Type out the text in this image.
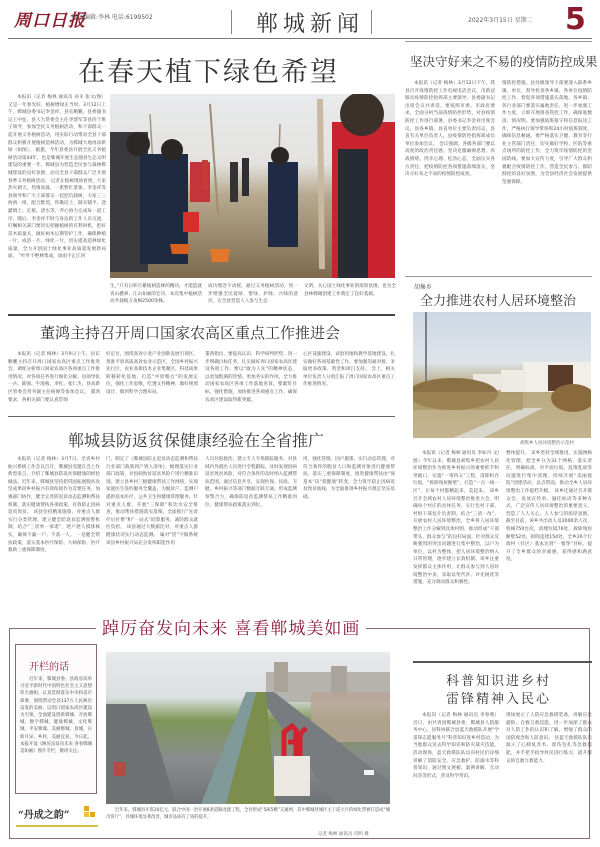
周口日报
国版编辑:李林 电话:6199502	郸城新闻	2022年3月15日 星期二 5
在春天植下绿色希望
本报讯（记者 梅林 通讯员 孙未 张文/图）又是一年春光好，植树增绿正当时。3月12日上午，郸城县委书记李金祥、县长鲍鹏，县委副书记王中征、县人大常委会主任李建军等县四个班子领导，参加全民义务植树活动，和干部群众一起开展义务植树活动，用实际行动带动全县干部群众积极开展植树造林活动，为郸城大地再添新绿（如图）。 据悉，今年县委县开展全民义务植树活动第44年，也是郸城开展生态强县生态文明建设的重要一年。郸城县为营造全民参与森林郸城建设的良好氛围，动员全县干部群众广泛开展春季义务植树活动。 记者在植树现场看到，大家热火朝天，热情高涨，一派繁忙景象。李金祥等县领导和广大干部群众一起挖坑栽树，大家三三两两一组，配合默契，铁锹培土、踩实铺平、浇灌填土、定植、浇水等，齐心协力完成每一道工序。随后，李金祥不时与身边的工作人员交流，叮嘱相关部门要切实把握植树的有利时机，把好苗木质量关，做好树木后期管护工作，确保种植一片、成活一片、绿化一片，切实提高造林绿化质量，全力开创国土绿化事业高质量发展新局面。 “叶叶不绝林集成，雨雨不止江河
生。”只有日积月累植树造林的精功，才能造就青山叠翠、江山如画的宏功。本次集中植树活动共栽植五角枫2500余株。
成功理念不动摇，通过义务植树活动，进一步增强全民爱绿、惜绿、护绿、兴绿的意识，在全县营造人人参与生态
文明，关心国土绿化事业的浓厚氛围，也为全县林郸城创建工作奠定了良好基础。
坚决守好来之不易的疫情防控成果
本报讯（记者 梅林）3月12日下午，我县召开疫情防控工作电视电话会议，市新冠肺炎疫情防控指挥部主要领导、县委副书记出席会议并讲话。要按照市委、市政府要求，全面分析当前疫情防控形势，对县疫情防控工作进行部署，县委书记李金祥出席会议。县各乡镇、县直单位主要负责同志，县直有关单位负责人，县疫情防控指挥部成员单位参加会议。 会议强调，各级各部门要以高度的政治责任感，坚决克服麻痹思想、厌战情绪、侥幸心理、松劲心态，全面压实各方责任，把疫情防控各项措施落细落实，坚决守好来之不易的疫情防控成果。
情防控措施。县处级领导干部要深入联系乡镇、单位，督导检查各乡镇、各单位疫情防控工作，督促各项措施落实落地。各乡镇、各行业部门要落实属地责任，进一步加强工作力度，立即开展排查管控工作，确保底数清、情况明。要加强值班值守和信息报送工作，严格执行领导带班和24小时值班制度，确保信息畅通。要严格落实卫健、教育等行业主管部门责任，切实做好学校、医院等重点场所的防控工作，全力筑牢疫情防控的坚固防线。要加大宣传力度，引导广大群众积极配合疫情防控工作，营造全民参与、群防群控的良好氛围，为全县经济社会发展提供坚强保障。
胡集乡
全力推进农村人居环境整治
胡集乡人居环境整治示范村
本报讯（记者 梅林 通讯员 李如丹 文/图）今年以来，郸城县胡集乡把农村人居环境整治作为推进乡村振兴的重要抓手和突破口，实施“一零四五”工程，清除积存垃圾、“拆除残垣断壁”，打造“一点一线一区”，让每个村都精起来、美起来。 该乡召开全域农村人居环境整治推进大会，明确每个村庄的具体任务，实行包村干部、村组干部包片负责制。结合“三清一改”，开展农村人居环境整治，全乡将人居环境整治工作分解到具体村组，推动形成“干部带头、群众参与”的良好局面。针对群众反映强烈的突出问题进行集中整治，以户为单位，以村为整体，把人居环境整治纳入日常管理，逐步建立长效机制。该乡注重发挥群众主体作用，让群众参与到人居环境整治中来，采取以奖代补、评先树优等措施，充分调动群众积极性。
整体提升。 该乡坚持全域推进，实施网格化管理，把全乡分为31个网格，落实责任，明确标准，对平面垃圾、乱堆乱放等问题进行集中清理。持续开展“美丽庭院”创建活动，以点带面，推动全乡人居环境整治工作提档升级。 该乡还通过召开群众会、发放宣传单、悬挂标语等多种方式，广泛宣传人居环境整治的重要意义，营造了人人关心、人人参与的浓厚氛围。 截至目前，该乡共出动人员2000余人次，机械750台次，清理垃圾76处，拆除残垣断壁52处，拆除违建154处，全乡26个行政村（社区）基本达到“一要净”目标，提升了全乡群众的幸福感、获得感和满意度。
董鸿主持召开周口国家农高区重点工作推进会
本报讯（记者 梅林）3月9日上午，县长鲍鹏主持召开周口国家农高区重点工作推进会，调度分析周口国家农高区各项重点工作推进情况，对各项任务进行细化分解。县领导张一兵、陈强、牛海燕、李红、张仁杰、县高新区管委会常务副主任杨俊等参加会议。 董鸿要求，各相关部门要认真贯彻
好定位，围绕高效小麦产业创新发展引领区，黄淮平原高质高效农业示范区，全国乡村振兴先行区，农业高新技术企业集聚区，科技成果转移转化基地，打造“中原粮仓”的发展定位，强化工作思维，吃透文件精神，做好规划设计，做到科学合理布局。
董鸿指出，要提高认识，科学研判形势，进一步明确目标任务，扎实做好周口国家农高区建设各项工作。要以“敢为人先”的精神状态，以更加饱满的热情、更加务实的作风，全力推动国家农高区各项工作落地见效。要紧盯目标，强化措施，加快推进各项重点工作，确保农高区建设取得新突破。
心区设施建设、试验用地和教学基地建设，扎实做好各项基础性工作。要加强沟通对接，争取更多政策、资金和项目支持。 会上，相关单位负责人分别汇报了周口国家农高区重点工作推进情况。
郸城县防返贫保健康经验在全省推广
本报讯（记者 梅林）3月7日，全省乡村振兴系统工作会议召开，郸城县受邀在会上作典型发言，介绍了郸城县防返贫保健康的经验做法。近年来，郸城县坚持把巩固拓展脱贫攻坚成果同乡村振兴有效衔接作为首要任务，加强部门协作，健全完善防返贫动态监测和帮扶机制，落实健康帮扶各项政策，有效防止因病返贫致贫。 该县坚持精准施策，对重点人群实行分类管理，建立健全防返贫监测预警机制，结合“三清单一承诺”，逐户逐人摸排核实，确保不漏一户、不落一人。 一是健全帮扶政策，落实基本医疗保险、大病保险、医疗救助三重保障制度。
门，制定了《郸城县防止返贫动态监测和帮扶行业部门政策到户到人清单》，梳理落实行业部门政策，对因病致贫返贫风险户进行精准识别。建立县乡村三级健康帮扶工作网络，实现家庭医生签约服务全覆盖，为脱贫户、监测户提供基本医疗、公共卫生和健康管理服务。针对重点人群，开展“三保障”和饮水安全排查，推动帮扶措施落实落细。全面推行“先诊疗后付费”和“一站式”结算服务，减轻群众就医负担。 该县通过大数据比对，对重点人群健康状况实行动态监测。 属对“筐”字做系统 该县乡村振兴局充分发挥职能作用
人员住院救治，建立专人专班跟踪服务，对县域内外就医人员进行全程跟踪，及时发现因病返贫致贫风险，对符合条件的及时纳入监测帮扶范围。通过信息共享，实现医保、民政、卫健、乡村振兴等部门数据互联互通，形成监测预警合力，确保防返贫监测帮扶工作精准到位，健康帮扶政策落实到位。
用，强化管理，因户施策、实行动态管理，对符合条件的脱贫人口和监测对象进行健康帮扶，落实三重保障制度，推进健康帮扶由“保基本”向“促健康”转变，全力筑牢防止因病返贫致贫底线，为全面推进乡村振兴奠定坚实基础。
踔厉奋发向未来 喜看郸城美如画
开栏的话
近年来，郸城县委、县政府高举习近平新时代中国特色社会主义思想伟大旗帜，认真贯彻落实中央和省市部署，围绕带动全县137万人民踔厉奋发的美丽，以周口国家农高区建设为引领，全面建设创新郸城、开放郸城、数字郸城、健康郸城、文化郸城、平安郸城、美丽郸城。县城，日新月异，乡村，美丽宜居。今日起，本报开设《踔厉奋发向未来 喜看郸城美如画》图片专栏，敬请关注。
“丹成之韵”	近年来，郸城县斥资20亿元，联合中国一冶开展8条道路改建工程，全县形成“5纵5横”交通网，其中郸城县城区主干道大片的绿化带被打造成“城市客厅”，县城环境显著改善，城市品质有了质的提升。
记者 梅林 通讯员 肖明 摄
科普知识进乡村
雷锋精神入民心
本报讯（记者 梅林 通讯员 李春燕）近日，由共青团郸城县委、郸城县人防服务中心、县科协联合县蓝天救援队开展“学雷锋志愿服务月”科普知识进乡村活动，为当地群众送去科学知识和防灾减灾技能。 活动现场，蓝天救援队队员向村民们详细讲解了消防安全、应急救护、防溺水等科普知识，通过图文展板、案例讲解、互动问答等形式，普及科学常识。
现场展示了人防应急救援装备，讲解应急避险、自救互救技能，进一步加深了群众对人防工作的认识和了解，增强了群众的国防观念和人防意识。 县蓝天救援队队员演示了心肺复苏术、创伤包扎等急救技能，并手把手指导村民进行练习，提升群众的自救互救能力。
